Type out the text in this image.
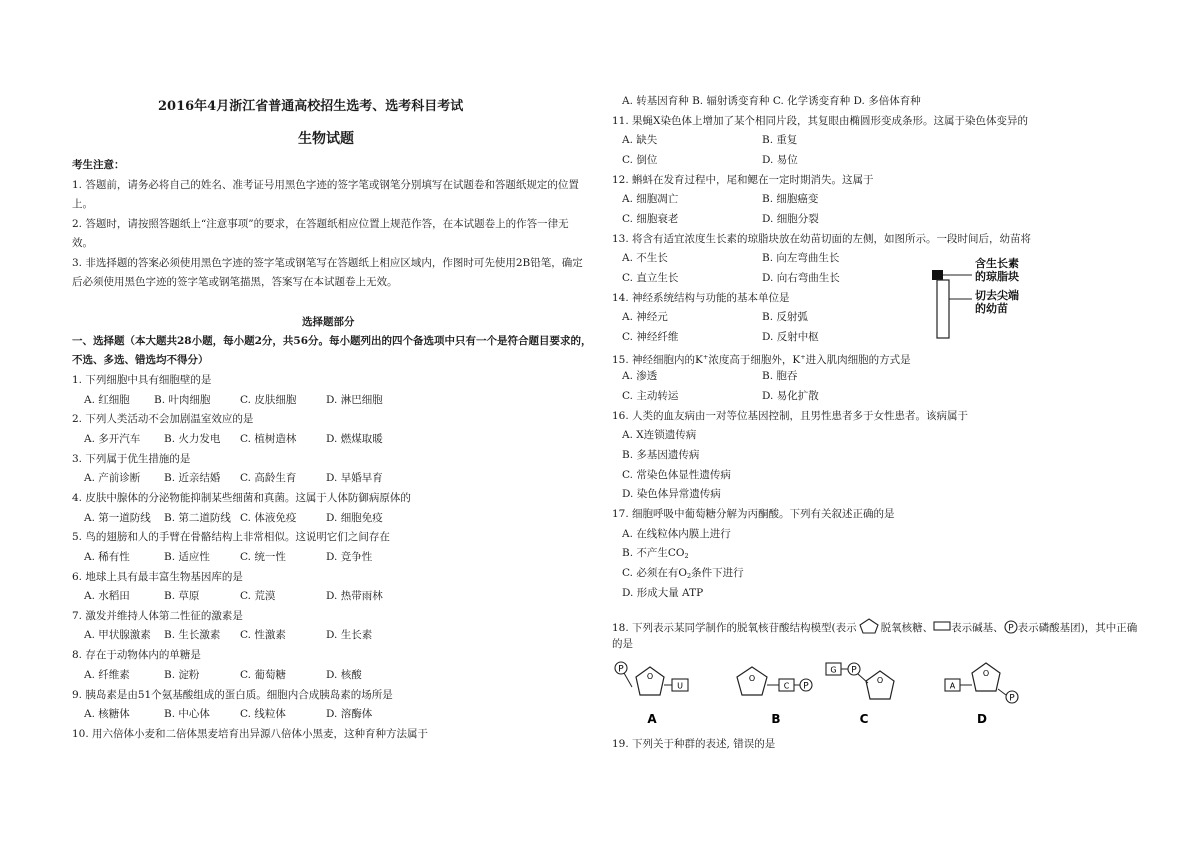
2016年4月浙江省普通高校招生选考、选考科目考试
生物试题
考生注意：
1. 答题前，请务必将自己的姓名、准考证号用黑色字迹的签字笔或钢笔分别填写在试题卷和答题纸规定的位置
上。
2. 答题时，请按照答题纸上“注意事项”的要求，在答题纸相应位置上规范作答，在本试题卷上的作答一律无
效。
3. 非选择题的答案必须使用黑色字迹的签字笔或钢笔写在答题纸上相应区域内，作图时可先使用2B铅笔，确定
后必须使用黑色字迹的签字笔或钢笔描黑，答案写在本试题卷上无效。
选择题部分
一、选择题（本大题共28小题，每小题2分，共56分。每小题列出的四个备选项中只有一个是符合题目要求的，
不选、多选、错选均不得分）
1. 下列细胞中具有细胞壁的是
A. 红细胞 B. 叶肉细胞	C. 皮肤细胞	D. 淋巴细胞
2. 下列人类活动不会加剧温室效应的是
A. 多开汽车 B. 火力发电 C. 植树造林	D. 燃煤取暖
3. 下列属于优生措施的是
A. 产前诊断 B. 近亲结婚 C. 高龄生育	D. 早婚早育
4. 皮肤中腺体的分泌物能抑制某些细菌和真菌。这属于人体防御病原体的
A. 第一道防线 B. 第二道防线 C. 体液免疫	D. 细胞免疫
5. 鸟的翅膀和人的手臂在骨骼结构上非常相似。这说明它们之间存在
A. 稀有性	B. 适应性	C. 统一性	D. 竞争性
6. 地球上具有最丰富生物基因库的是
A. 水稻田	B. 草原	C. 荒漠	D. 热带雨林
7. 激发并维持人体第二性征的激素是
A. 甲状腺激素 B. 生长激素 C. 性激素	D. 生长素
8. 存在于动物体内的单糖是
A. 纤维素	B. 淀粉	C. 葡萄糖	D. 核酸
9. 胰岛素是由51个氨基酸组成的蛋白质。细胞内合成胰岛素的场所是
A. 核糖体	B. 中心体	C. 线粒体	D. 溶酶体
10. 用六倍体小麦和二倍体黑麦培育出异源八倍体小黑麦，这种育种方法属于
A. 转基因育种 B. 辐射诱变育种 C. 化学诱变育种 D. 多倍体育种
11. 果蝇X染色体上增加了某个相同片段，其复眼由椭圆形变成条形。这属于染色体变异的
A. 缺失	B. 重复
C. 倒位	D. 易位
12. 蝌蚪在发育过程中，尾和鳃在一定时期消失。这属于
A. 细胞凋亡	B. 细胞癌变
C. 细胞衰老	D. 细胞分裂
13. 将含有适宜浓度生长素的琼脂块放在幼苗切面的左侧，如图所示。一段时间后，幼苗将
A. 不生长	B. 向左弯曲生长
C. 直立生长	D. 向右弯曲生长
含生长素
的琼脂块
切去尖端
的幼苗
14. 神经系统结构与功能的基本单位是
A. 神经元	B. 反射弧
C. 神经纤维	D. 反射中枢
15. 神经细胞内的K+浓度高于细胞外，K+进入肌肉细胞的方式是
A. 渗透	B. 胞吞
C. 主动转运	D. 易化扩散
16. 人类的血友病由一对等位基因控制，且男性患者多于女性患者。该病属于
A. X连锁遗传病
B. 多基因遗传病
C. 常染色体显性遗传病
D. 染色体异常遗传病
17. 细胞呼吸中葡萄糖分解为丙酮酸。下列有关叙述正确的是
A. 在线粒体内膜上进行
B. 不产生$CO_2$
C. 必须在有$O_2$条件下进行
D. 形成大量 ATP
18. 下列表示某同学制作的脱氧核苷酸结构模型(表示 脱氧核糖、 表示碱基、 P 表示磷酸基团)，其中正确
的是
P
O
U
A
O
C P
B
G P
O
C
A
O
P
D
19. 下列关于种群的表述, 错误的是
